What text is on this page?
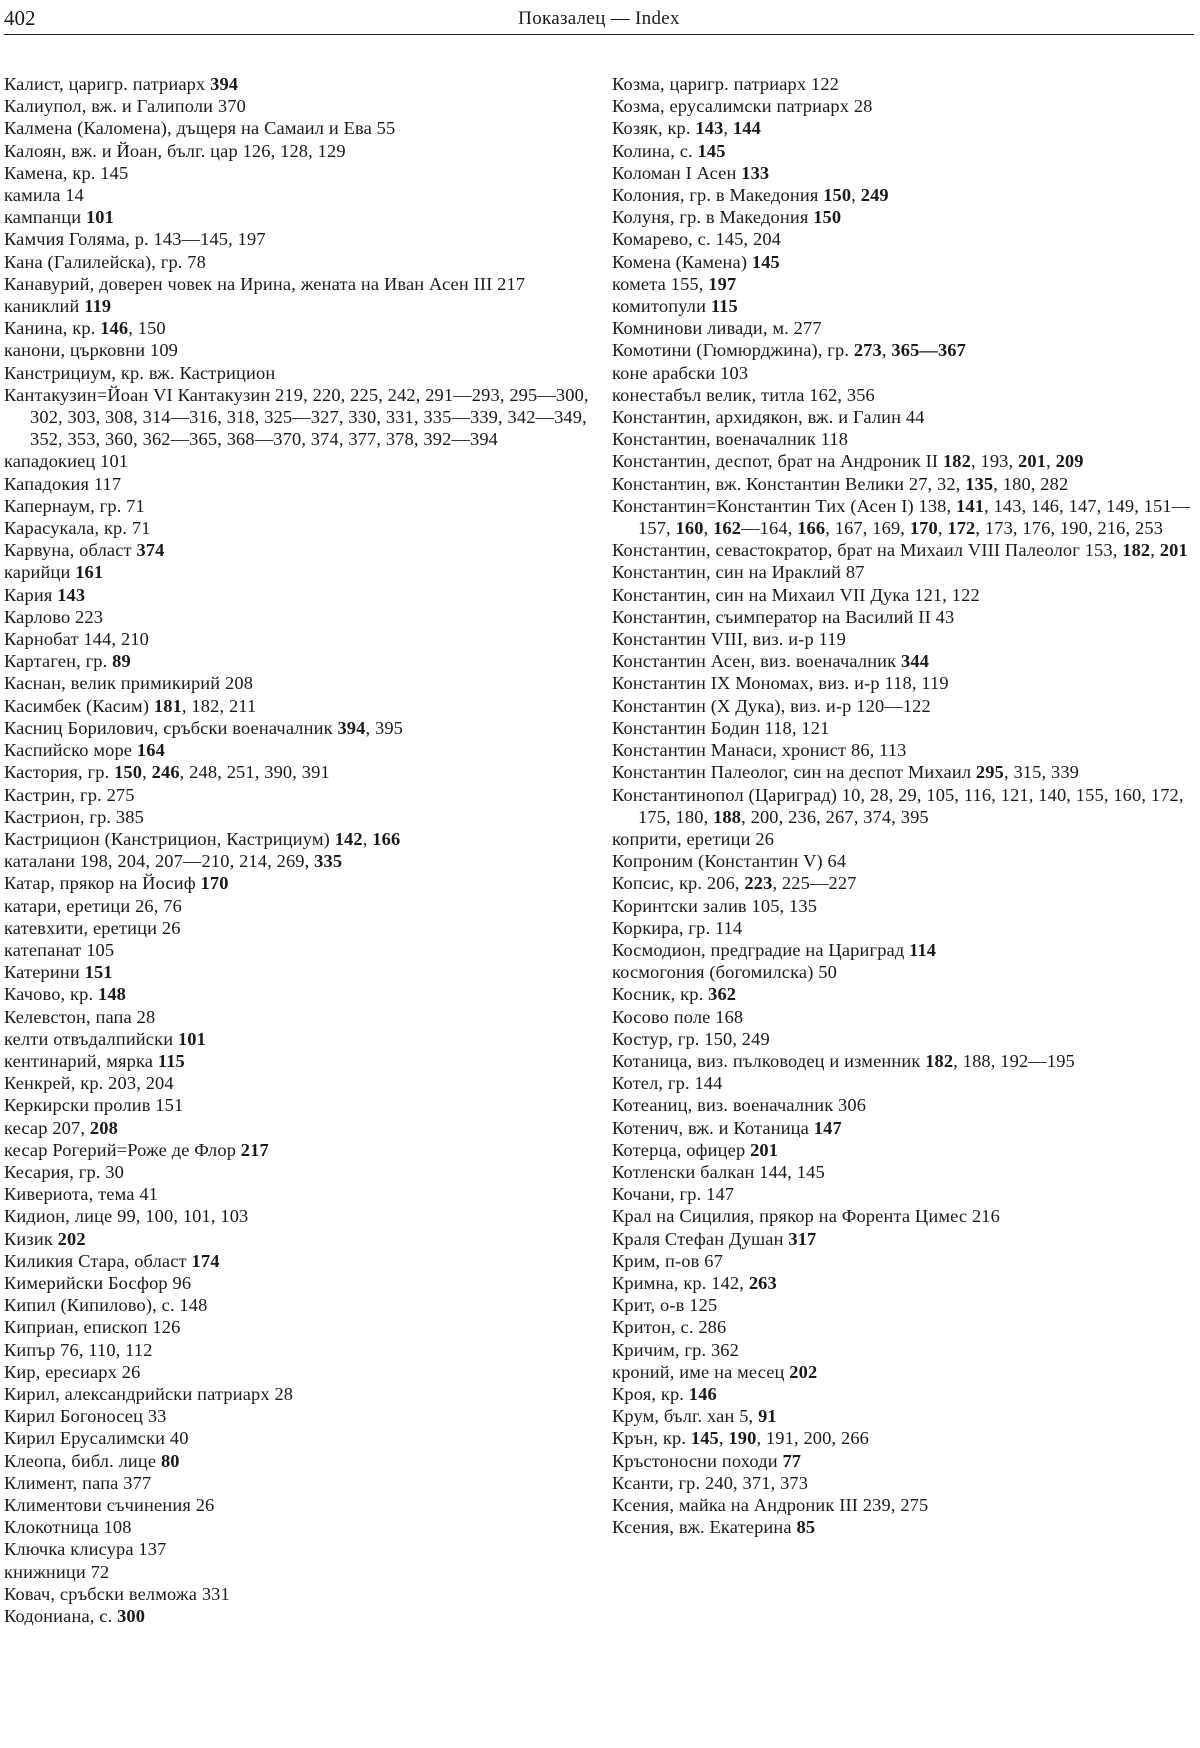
402	Показалец — Index

Калист, царигр. патриарх 394

Калиупол, вж. и Галиполи 370

Калмена (Каломена), дъщеря на Самаил и Ева 55

Калоян, вж. и Йоан, бълг. цар 126, 128, 129

Камена, кр. 145

камила 14

кампанци 101

Камчия Голяма, р. 143—145, 197

Кана (Галилейска), гр. 78

Канавурий, доверен човек на Ирина, жената на Иван Асен III 217

каниклий 119

Канина, кр. 146, 150

канони, църковни 109

Канстрициум, кр. вж. Кастрицион

Кантакузин=Йоан VI Кантакузин 219, 220, 225, 242, 291—293, 295—300, 302, 303, 308, 314—316, 318, 325—327, 330, 331, 335—339, 342—349, 352, 353, 360, 362—365, 368—370, 374, 377, 378, 392—394

кападокиец 101

Кападокия 117

Капернаум, гр. 71

Карасукала, кр. 71

Карвуна, област 374

карийци 161

Кария 143

Карлово 223

Карнобат 144, 210

Картаген, гр. 89

Каснан, велик примикирий 208

Касимбек (Касим) 181, 182, 211

Касниц Борилович, сръбски военачалник 394, 395

Каспийско море 164

Кастория, гр. 150, 246, 248, 251, 390, 391

Кастрин, гр. 275

Кастрион, гр. 385

Кастрицион (Канстрицион, Кастрициум) 142, 166

каталани 198, 204, 207—210, 214, 269, 335

Катар, прякор на Йосиф 170

катари, еретици 26, 76

катевхити, еретици 26

катепанат 105

Катерини 151

Качово, кр. 148

Келевстон, папа 28

келти отвъдалпийски 101

кентинарий, мярка 115

Кенкрей, кр. 203, 204

Керкирски пролив 151

кесар 207, 208

кесар Рогерий=Роже де Флор 217

Кесария, гр. 30

Кивериота, тема 41

Кидион, лице 99, 100, 101, 103

Кизик 202

Киликия Стара, област 174

Кимерийски Босфор 96

Кипил (Кипилово), с. 148

Киприан, епископ 126

Кипър 76, 110, 112

Кир, ересиарх 26

Кирил, александрийски патриарх 28

Кирил Богоносец 33

Кирил Ерусалимски 40

Клеопа, библ. лице 80

Климент, папа 377

Климентови съчинения 26

Клокотница 108

Ключка клисура 137

книжници 72

Ковач, сръбски велможа 331

Кодониана, с. 300

Козма, царигр. патриарх 122

Козма, ерусалимски патриарх 28

Козяк, кр. 143, 144

Колина, с. 145

Коломан I Асен 133

Колония, гр. в Македония 150, 249

Колуня, гр. в Македония 150

Комарево, с. 145, 204

Комена (Камена) 145

комета 155, 197

комитопули 115

Комнинови ливади, м. 277

Комотини (Гюмюрджина), гр. 273, 365—367

коне арабски 103

конестабъл велик, титла 162, 356

Константин, архидякон, вж. и Галин 44

Константин, военачалник 118

Константин, деспот, брат на Андроник II 182, 193, 201, 209

Константин, вж. Константин Велики 27, 32, 135, 180, 282

Константин=Константин Тих (Асен I) 138, 141, 143, 146, 147, 149, 151—157, 160, 162—164, 166, 167, 169, 170, 172, 173, 176, 190, 216, 253

Константин, севастократор, брат на Михаил VIII Палеолог 153, 182, 201

Константин, син на Ираклий 87

Константин, син на Михаил VII Дука 121, 122

Константин, съимператор на Василий II 43

Константин VIII, виз. и-р 119

Константин Асен, виз. военачалник 344

Константин IX Мономах, виз. и-р 118, 119

Константин (X Дука), виз. и-р 120—122

Константин Бодин 118, 121

Константин Манаси, хронист 86, 113

Константин Палеолог, син на деспот Михаил 295, 315, 339

Константинопол (Цариград) 10, 28, 29, 105, 116, 121, 140, 155, 160, 172, 175, 180, 188, 200, 236, 267, 374, 395

коприти, еретици 26

Копроним (Константин V) 64

Копсис, кр. 206, 223, 225—227

Коринтски залив 105, 135

Коркира, гр. 114

Космодион, предградие на Цариград 114

космогония (богомилска) 50

Косник, кр. 362

Косово поле 168

Костур, гр. 150, 249

Котаница, виз. пълководец и изменник 182, 188, 192—195

Котел, гр. 144

Котеаниц, виз. военачалник 306

Котенич, вж. и Котаница 147

Котерца, офицер 201

Котленски балкан 144, 145

Кочани, гр. 147

Крал на Сицилия, прякор на Форента Цимес 216

Краля Стефан Душан 317

Крим, п-ов 67

Кримна, кр. 142, 263

Крит, о-в 125

Критон, с. 286

Кричим, гр. 362

кроний, име на месец 202

Кроя, кр. 146

Крум, бълг. хан 5, 91

Крън, кр. 145, 190, 191, 200, 266

Кръстоносни походи 77

Ксанти, гр. 240, 371, 373

Ксения, майка на Андроник III 239, 275

Ксения, вж. Екатерина 85
